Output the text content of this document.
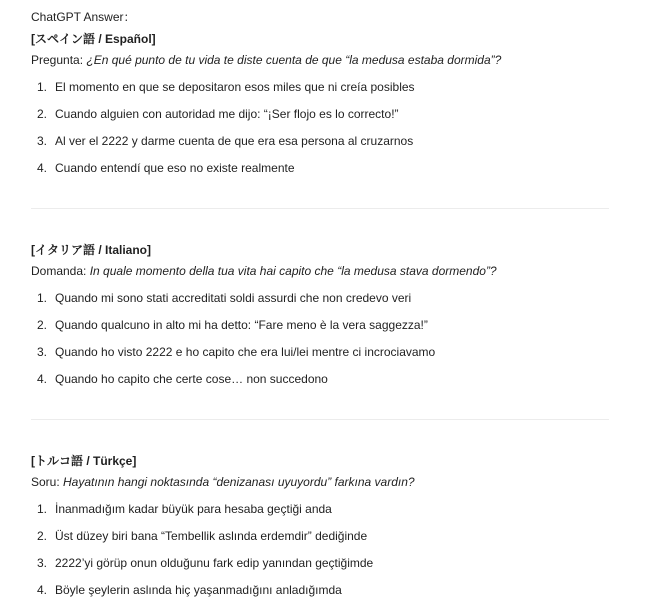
ChatGPT Answer：
[スペイン語 / Español]
Pregunta: ¿En qué punto de tu vida te diste cuenta de que “la medusa estaba dormida”?
1. El momento en que se depositaron esos miles que ni creía posibles
2. Cuando alguien con autoridad me dijo: “¡Ser flojo es lo correcto!”
3. Al ver el 2222 y darme cuenta de que era esa persona al cruzarnos
4. Cuando entendí que eso no existe realmente
[イタリア語 / Italiano]
Domanda: In quale momento della tua vita hai capito che “la medusa stava dormendo”?
1. Quando mi sono stati accreditati soldi assurdi che non credevo veri
2. Quando qualcuno in alto mi ha detto: “Fare meno è la vera saggezza!”
3. Quando ho visto 2222 e ho capito che era lui/lei mentre ci incrociavamo
4. Quando ho capito che certe cose… non succedono
[トルコ語 / Türkçe]
Soru: Hayatının hangi noktasında “denizanası uyuyordu” farkına vardın?
1. İnanmadığım kadar büyük para hesaba geçtiği anda
2. Üst düzey biri bana “Tembellik aslında erdemdir” dediğinde
3. 2222’yi görüp onun olduğunu fark edip yanından geçtiğimde
4. Böyle şeylerin aslında hiç yaşanmadığını anladığımda
